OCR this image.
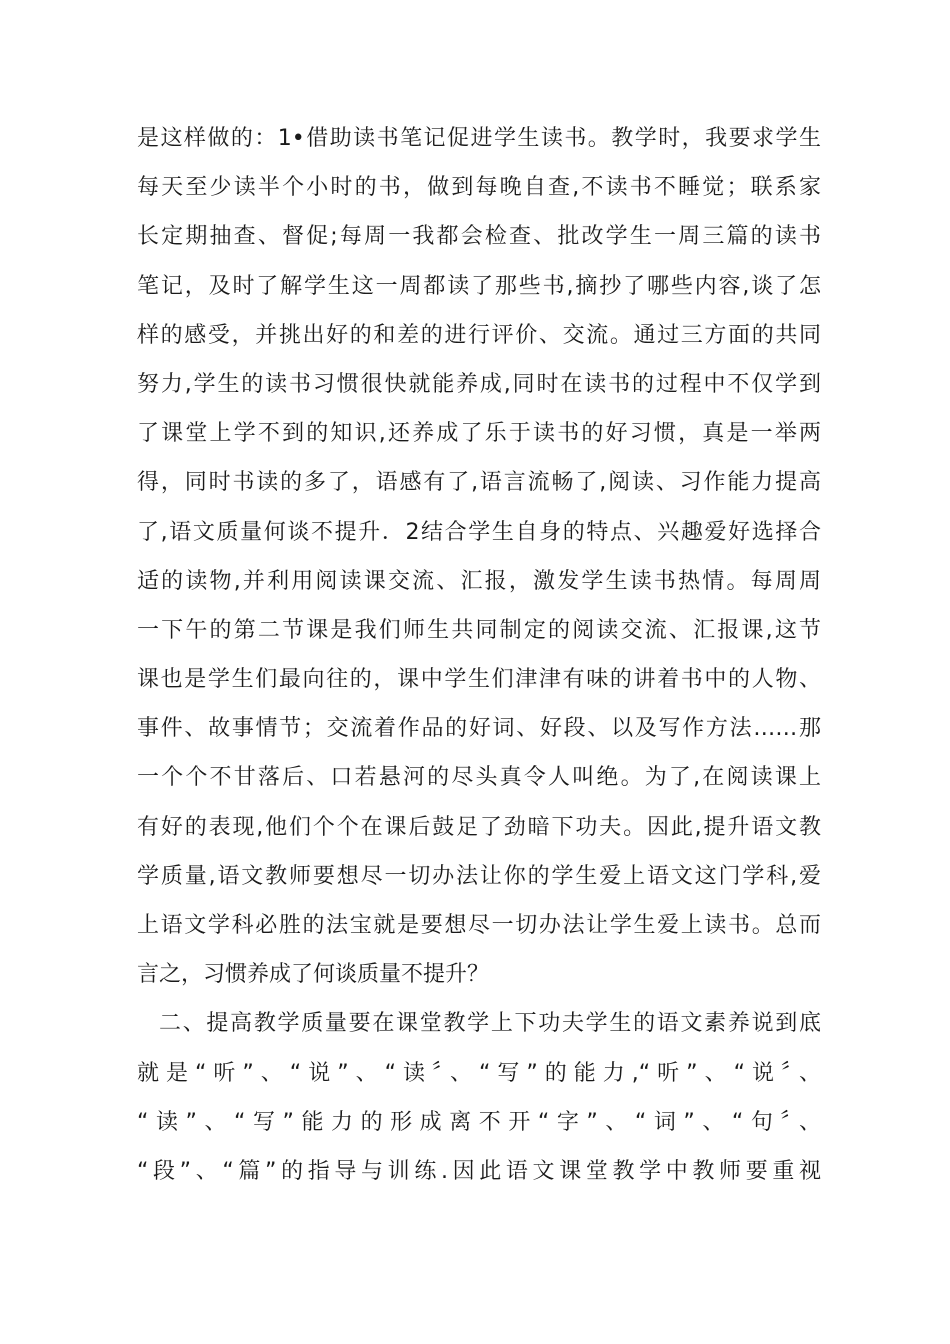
是这样做的：1•借助读书笔记促进学生读书。教学时，我要求学生
每天至少读半个小时的书，做到每晚自查,不读书不睡觉；联系家
长定期抽查、督促;每周一我都会检查、批改学生一周三篇的读书
笔记，及时了解学生这一周都读了那些书,摘抄了哪些内容,谈了怎
样的感受，并挑出好的和差的进行评价、交流。通过三方面的共同
努力,学生的读书习惯很快就能养成,同时在读书的过程中不仅学到
了课堂上学不到的知识,还养成了乐于读书的好习惯，真是一举两
得，同时书读的多了，语感有了,语言流畅了,阅读、习作能力提高
了,语文质量何谈不提升．2结合学生自身的特点、兴趣爱好选择合
适的读物,并利用阅读课交流、汇报，激发学生读书热情。每周周
一下午的第二节课是我们师生共同制定的阅读交流、汇报课,这节
课也是学生们最向往的，课中学生们津津有味的讲着书中的人物、
事件、故事情节；交流着作品的好词、好段、以及写作方法……那
一个个不甘落后、口若悬河的尽头真令人叫绝。为了,在阅读课上
有好的表现,他们个个在课后鼓足了劲暗下功夫。因此,提升语文教
学质量,语文教师要想尽一切办法让你的学生爱上语文这门学科,爱
上语文学科必胜的法宝就是要想尽一切办法让学生爱上读书。总而
言之，习惯养成了何谈质量不提升？
二、提高教学质量要在课堂教学上下功夫学生的语文素养说到底
就是“听”、“说”、“读〞、“写”的能力,“听”、“说〞、
“读”、“写”能力的形成离不开“字”、“词”、“句〞、
“段”、“篇”的指导与训练.因此语文课堂教学中教师要重视
